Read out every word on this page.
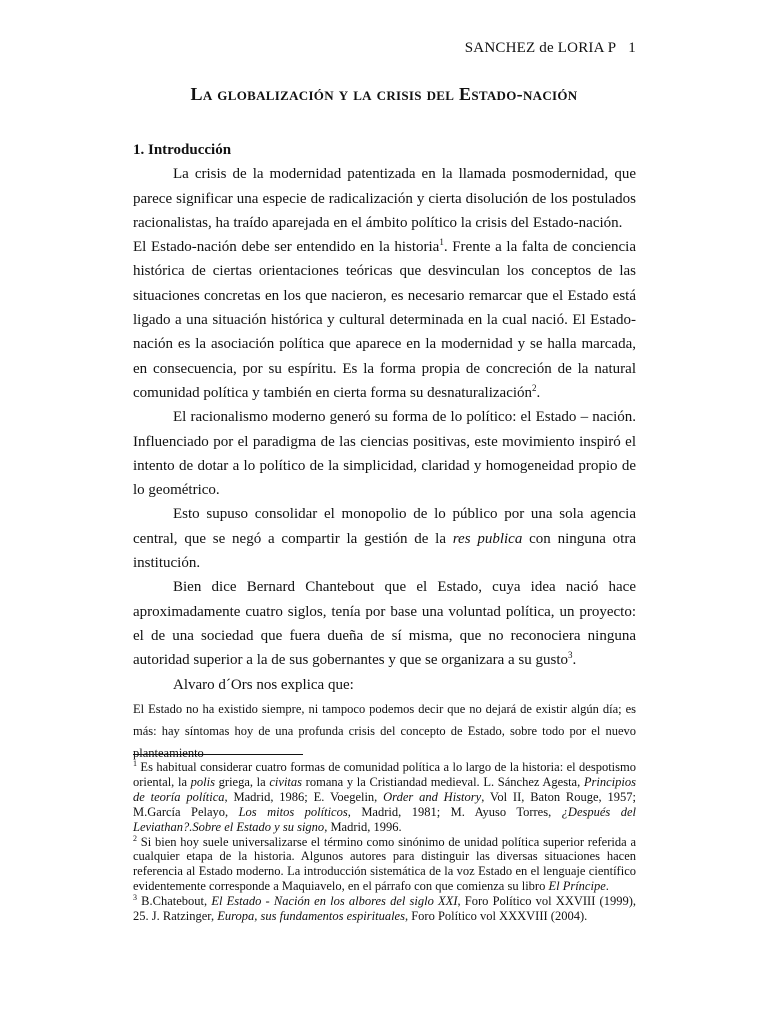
SANCHEZ de LORIA P 1
La globalización y la crisis del Estado-nación

1. Introducción

La crisis de la modernidad patentizada en la llamada posmodernidad, que parece significar una especie de radicalización y cierta disolución de los postulados racionalistas, ha traído aparejada en el ámbito político la crisis del Estado-nación.

El Estado-nación debe ser entendido en la historia$^1$. Frente a la falta de conciencia histórica de ciertas orientaciones teóricas que desvinculan los conceptos de las situaciones concretas en los que nacieron, es necesario remarcar que el Estado está ligado a una situación histórica y cultural determinada en la cual nació. El Estado-nación es la asociación política que aparece en la modernidad y se halla marcada, en consecuencia, por su espíritu. Es la forma propia de concreción de la natural comunidad política y también en cierta forma su desnaturalización$^2$.

El racionalismo moderno generó su forma de lo político: el Estado – nación. Influenciado por el paradigma de las ciencias positivas, este movimiento inspiró el intento de dotar a lo político de la simplicidad, claridad y homogeneidad propio de lo geométrico.

Esto supuso consolidar el monopolio de lo público por una sola agencia central, que se negó a compartir la gestión de la res publica con ninguna otra institución.

Bien dice Bernard Chantebout que el Estado, cuya idea nació hace aproximadamente cuatro siglos, tenía por base una voluntad política, un proyecto: el de una sociedad que fuera dueña de sí misma, que no reconociera ninguna autoridad superior a la de sus gobernantes y que se organizara a su gusto$^3$.

Alvaro d´Ors nos explica que:

El Estado no ha existido siempre, ni tampoco podemos decir que no dejará de existir algún día; es más: hay síntomas hoy de una profunda crisis del concepto de Estado, sobre todo por el nuevo planteamiento

$^1$ Es habitual considerar cuatro formas de comunidad política a lo largo de la historia: el despotismo oriental, la polis griega, la civitas romana y la Cristiandad medieval. L. Sánchez Agesta, Principios de teoría política, Madrid, 1986; E. Voegelin, Order and History, Vol II, Baton Rouge, 1957; M.García Pelayo, Los mitos políticos, Madrid, 1981; M. Ayuso Torres, ¿Después del Leviathan?.Sobre el Estado y su signo, Madrid, 1996.

$^2$ Si bien hoy suele universalizarse el término como sinónimo de unidad política superior referida a cualquier etapa de la historia. Algunos autores para distinguir las diversas situaciones hacen referencia al Estado moderno. La introducción sistemática de la voz Estado en el lenguaje científico evidentemente corresponde a Maquiavelo, en el párrafo con que comienza su libro El Príncipe.

$^3$ B.Chatebout, El Estado - Nación en los albores del siglo XXI, Foro Político vol XXVIII (1999), 25. J. Ratzinger, Europa, sus fundamentos espirituales, Foro Político vol XXXVIII (2004).
